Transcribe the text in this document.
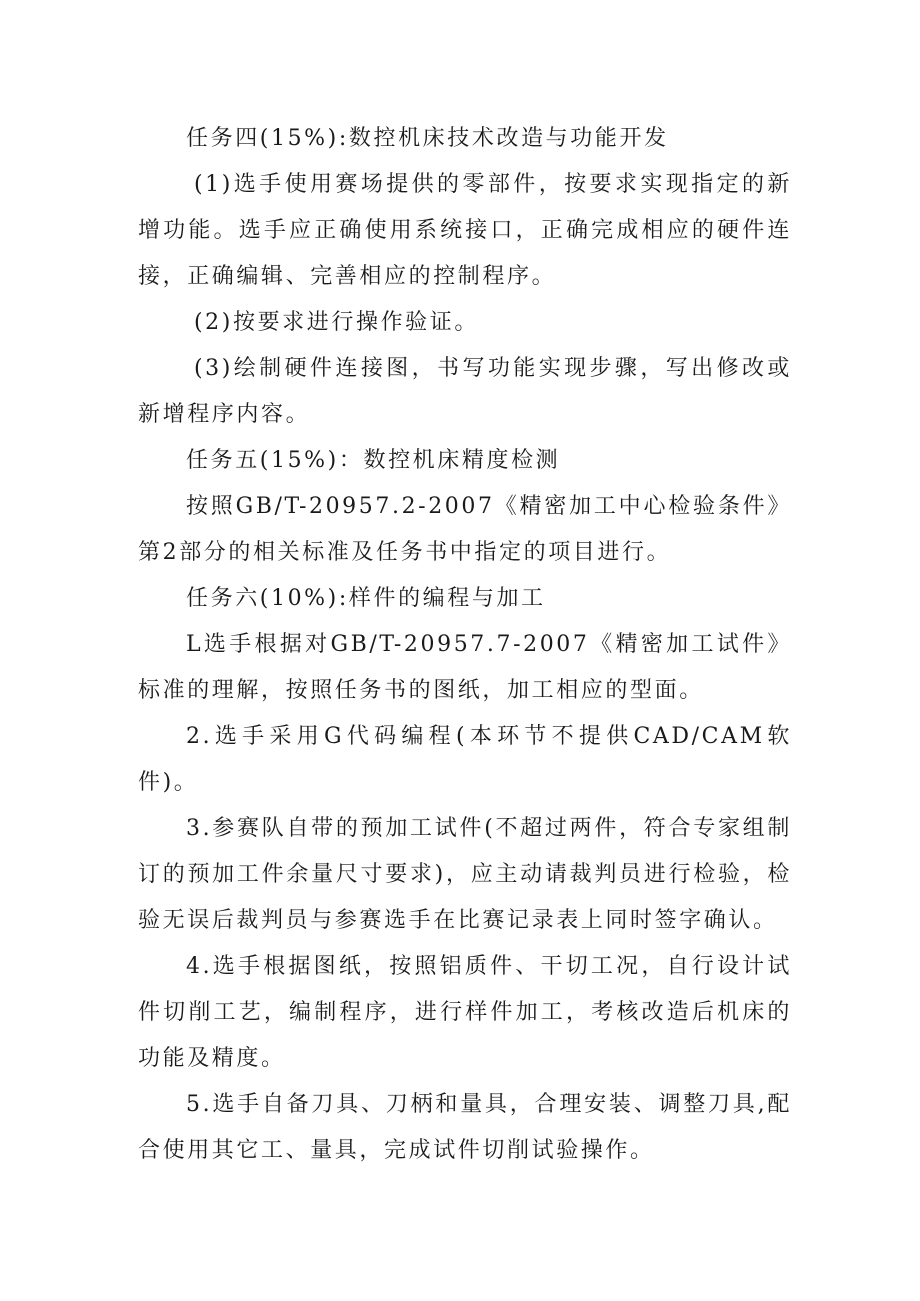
任务四(15%):数控机床技术改造与功能开发

(1)选手使用赛场提供的零部件，按要求实现指定的新增功能。选手应正确使用系统接口，正确完成相应的硬件连接，正确编辑、完善相应的控制程序。

(2)按要求进行操作验证。

(3)绘制硬件连接图，书写功能实现步骤，写出修改或新增程序内容。

任务五(15%)：数控机床精度检测

按照GB/T-20957.2-2007《精密加工中心检验条件》第2部分的相关标准及任务书中指定的项目进行。

任务六(10%):样件的编程与加工

L选手根据对GB/T-20957.7-2007《精密加工试件》标准的理解，按照任务书的图纸，加工相应的型面。

2.选手采用G代码编程(本环节不提供CAD/CAM软件)。

3.参赛队自带的预加工试件(不超过两件，符合专家组制订的预加工件余量尺寸要求)，应主动请裁判员进行检验，检验无误后裁判员与参赛选手在比赛记录表上同时签字确认。

4.选手根据图纸，按照铝质件、干切工况，自行设计试件切削工艺，编制程序，进行样件加工，考核改造后机床的功能及精度。

5.选手自备刀具、刀柄和量具，合理安装、调整刀具,配合使用其它工、量具，完成试件切削试验操作。
